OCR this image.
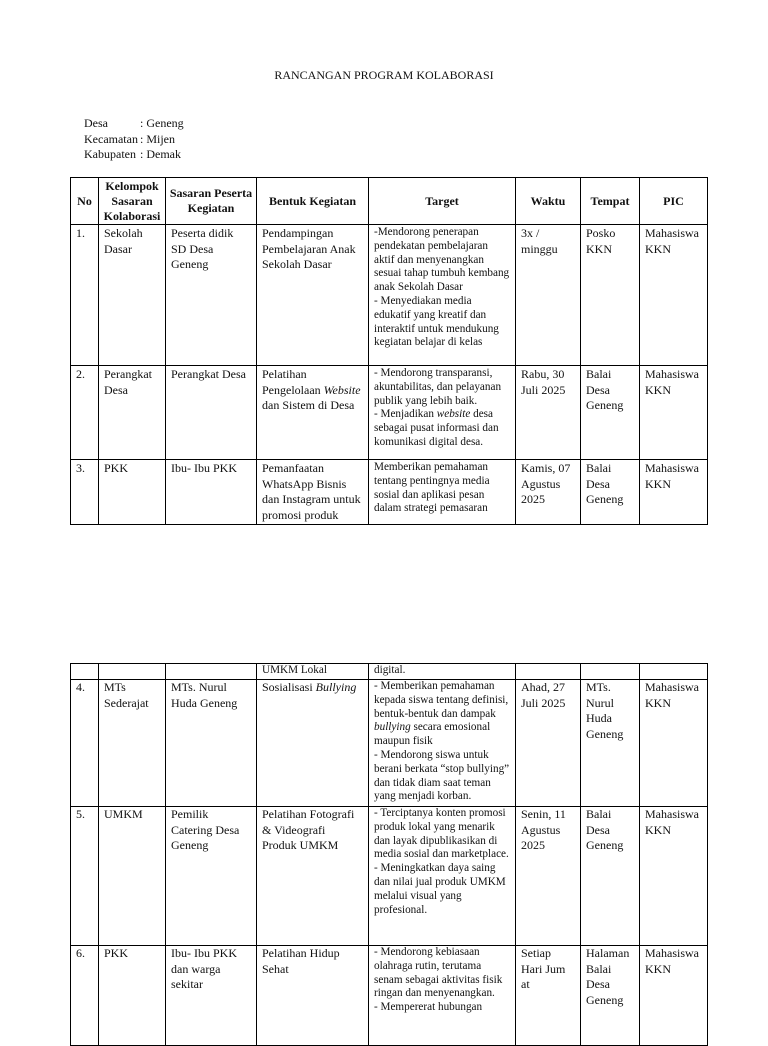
RANCANGAN PROGRAM KOLABORASI
Desa	: Geneng
Kecamatan : Mijen
Kabupaten : Demak
No	Kelompok Sasaran Kolaborasi	Sasaran Peserta Kegiatan	Bentuk Kegiatan	Target	Waktu	Tempat	PIC
1.	Sekolah Dasar	Peserta didik SD Desa Geneng	Pendampingan Pembelajaran Anak Sekolah Dasar	-Mendorong penerapan pendekatan pembelajaran aktif dan menyenangkan sesuai tahap tumbuh kembang anak Sekolah Dasar
- Menyediakan media edukatif yang kreatif dan interaktif untuk mendukung kegiatan belajar di kelas	3x / minggu	Posko KKN	Mahasiswa KKN
2.	Perangkat Desa	Perangkat Desa	Pelatihan Pengelolaan Website dan Sistem di Desa	- Mendorong transparansi, akuntabilitas, dan pelayanan publik yang lebih baik.
- Menjadikan website desa sebagai pusat informasi dan komunikasi digital desa.	Rabu, 30 Juli 2025	Balai Desa Geneng	Mahasiswa KKN
3.	PKK	Ibu- Ibu PKK	Pemanfaatan WhatsApp Bisnis dan Instagram untuk promosi produk	Memberikan pemahaman tentang pentingnya media sosial dan aplikasi pesan dalam strategi pemasaran	Kamis, 07 Agustus 2025	Balai Desa Geneng	Mahasiswa KKN
			UMKM Lokal	digital.			
4.	MTs Sederajat	MTs. Nurul Huda Geneng	Sosialisasi Bullying	- Memberikan pemahaman kepada siswa tentang definisi, bentuk-bentuk dan dampak bullying secara emosional maupun fisik
- Mendorong siswa untuk berani berkata “stop bullying” dan tidak diam saat teman yang menjadi korban.	Ahad, 27 Juli 2025	MTs. Nurul Huda Geneng	Mahasiswa KKN
5.	UMKM	Pemilik Catering Desa Geneng	Pelatihan Fotografi & Videografi Produk UMKM	- Terciptanya konten promosi produk lokal yang menarik dan layak dipublikasikan di media sosial dan marketplace.
- Meningkatkan daya saing dan nilai jual produk UMKM melalui visual yang profesional.	Senin, 11 Agustus 2025	Balai Desa Geneng	Mahasiswa KKN
6.	PKK	Ibu- Ibu PKK dan warga sekitar	Pelatihan Hidup Sehat	- Mendorong kebiasaan olahraga rutin, terutama senam sebagai aktivitas fisik ringan dan menyenangkan.
- Mempererat hubungan	Setiap Hari Jum at	Halaman Balai Desa Geneng	Mahasiswa KKN
